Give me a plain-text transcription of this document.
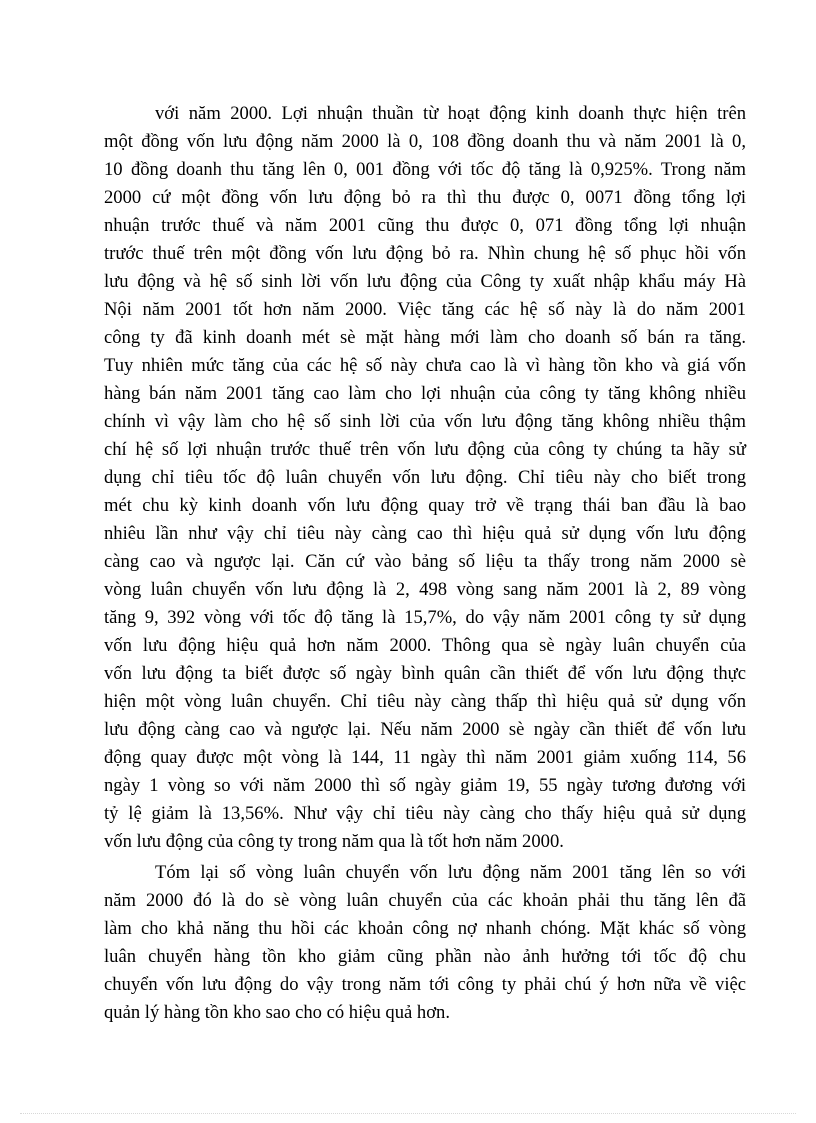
với năm 2000. Lợi nhuận thuần từ hoạt động kinh doanh thực hiện trên
một đồng vốn lưu động năm 2000 là 0, 108 đồng doanh thu và năm 2001 là 0,
10 đồng doanh thu tăng lên 0, 001 đồng với tốc độ tăng là 0,925%. Trong năm
2000 cứ một đồng vốn lưu động bỏ ra thì thu được 0, 0071 đồng tổng lợi
nhuận trước thuế và năm 2001 cũng thu được 0, 071 đồng tổng lợi nhuận
trước thuế trên một đồng vốn lưu động bỏ ra. Nhìn chung hệ số phục hồi vốn
lưu động và hệ số sinh lời vốn lưu động của Công ty xuất nhập khẩu máy Hà
Nội năm 2001 tốt hơn năm 2000. Việc tăng các hệ số này là do năm 2001
công ty đã kinh doanh mét sè mặt hàng mới làm cho doanh số bán ra tăng.
Tuy nhiên mức tăng của các hệ số này chưa cao là vì hàng tồn kho và giá vốn
hàng bán năm 2001 tăng cao làm cho lợi nhuận của công ty tăng không nhiều
chính vì vậy làm cho hệ số sinh lời của vốn lưu động tăng không nhiều thậm
chí hệ số lợi nhuận trước thuế trên vốn lưu động của công ty chúng ta hãy sử
dụng chỉ tiêu tốc độ luân chuyển vốn lưu động. Chỉ tiêu này cho biết trong
mét chu kỳ kinh doanh vốn lưu động quay trở về trạng thái ban đầu là bao
nhiêu lần như vậy chỉ tiêu này càng cao thì hiệu quả sử dụng vốn lưu động
càng cao và ngược lại. Căn cứ vào bảng số liệu ta thấy trong năm 2000 sè
vòng luân chuyển vốn lưu động là 2, 498 vòng sang năm 2001 là 2, 89 vòng
tăng 9, 392 vòng với tốc độ tăng là 15,7%, do vậy năm 2001 công ty sử dụng
vốn lưu động hiệu quả hơn năm 2000. Thông qua sè ngày luân chuyển của
vốn lưu động ta biết được số ngày bình quân cần thiết để vốn lưu động thực
hiện một vòng luân chuyển. Chỉ tiêu này càng thấp thì hiệu quả sử dụng vốn
lưu động càng cao và ngược lại. Nếu năm 2000 sè ngày cần thiết để vốn lưu
động quay được một vòng là 144, 11 ngày thì năm 2001 giảm xuống 114, 56
ngày 1 vòng so với năm 2000 thì số ngày giảm 19, 55 ngày tương đương với
tỷ lệ giảm là 13,56%. Như vậy chỉ tiêu này càng cho thấy hiệu quả sử dụng
vốn lưu động của công ty trong năm qua là tốt hơn năm 2000.
Tóm lại số vòng luân chuyển vốn lưu động năm 2001 tăng lên so với
năm 2000 đó là do sè vòng luân chuyển của các khoản phải thu tăng lên đã
làm cho khả năng thu hồi các khoản công nợ nhanh chóng. Mặt khác số vòng
luân chuyển hàng tồn kho giảm cũng phần nào ảnh hưởng tới tốc độ chu
chuyển vốn lưu động do vậy trong năm tới công ty phải chú ý hơn nữa về việc
quản lý hàng tồn kho sao cho có hiệu quả hơn.
